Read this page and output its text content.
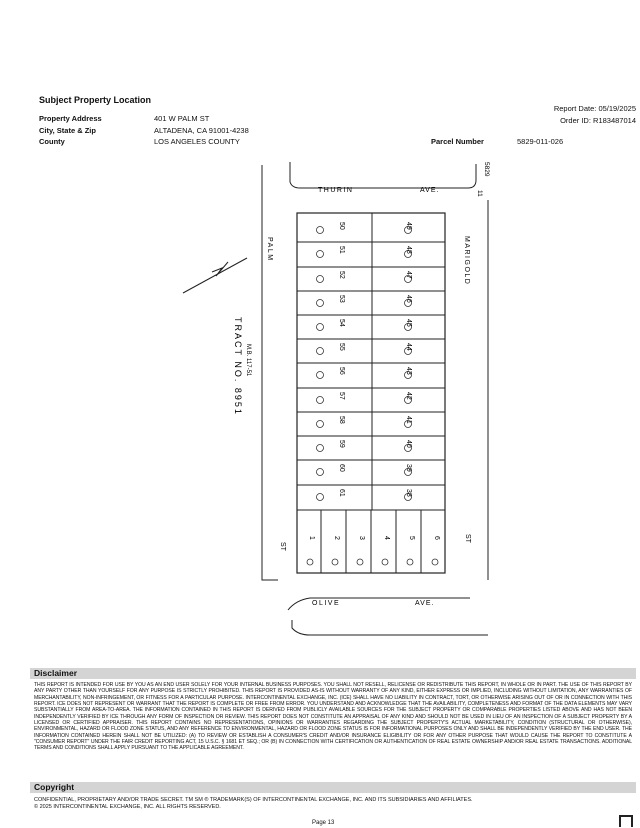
Subject Property Location
Report Date: 05/19/2025
Order ID: R183487014
Property Address	401 W PALM ST
City, State & Zip	ALTADENA, CA 91001-4238
County	LOS ANGELES COUNTY	Parcel Number	5829-011-026
THURIN	AVE.
OLIVE	AVE.
PALM
ST
MARIGOLD
ST
TRACT NO. 8951 M.B. 117-51
5829
11
50
51
52
53
54
55
56
57
58
59
60
61
49
48
47
46
45
44
43
42
41
40
39
38
1	2	3	4	5	6
Disclaimer
THIS REPORT IS INTENDED FOR USE BY YOU AS AN END USER SOLELY FOR YOUR INTERNAL BUSINESS PURPOSES. YOU SHALL NOT RESELL, RELICENSE OR REDISTRIBUTE THIS REPORT, IN WHOLE OR IN PART. THE USE OF THIS REPORT BY ANY PARTY OTHER THAN YOURSELF FOR ANY PURPOSE IS STRICTLY PROHIBITED. THIS REPORT IS PROVIDED AS-IS WITHOUT WARRANTY OF ANY KIND, EITHER EXPRESS OR IMPLIED, INCLUDING WITHOUT LIMITATION, ANY WARRANTIES OF MERCHANTABILITY, NON-INFRINGEMENT, OR FITNESS FOR A PARTICULAR PURPOSE. INTERCONTINENTAL EXCHANGE, INC. (ICE) SHALL HAVE NO LIABILITY IN CONTRACT, TORT, OR OTHERWISE ARISING OUT OF OR IN CONNECTION WITH THIS REPORT. ICE DOES NOT REPRESENT OR WARRANT THAT THE REPORT IS COMPLETE OR FREE FROM ERROR. YOU UNDERSTAND AND ACKNOWLEDGE THAT THE AVAILABILITY, COMPLETENESS AND FORMAT OF THE DATA ELEMENTS MAY VARY SUBSTANTIALLY FROM AREA-TO-AREA. THE INFORMATION CONTAINED IN THIS REPORT IS DERIVED FROM PUBLICLY AVAILABLE SOURCES FOR THE SUBJECT PROPERTY OR COMPARABLE PROPERTIES LISTED ABOVE AND HAS NOT BEEN INDEPENDENTLY VERIFIED BY ICE THROUGH ANY FORM OF INSPECTION OR REVIEW. THIS REPORT DOES NOT CONSTITUTE AN APPRAISAL OF ANY KIND AND SHOULD NOT BE USED IN LIEU OF AN INSPECTION OF A SUBJECT PROPERTY BY A LICENSED OR CERTIFIED APPRAISER. THIS REPORT CONTAINS NO REPRESENTATIONS, OPINIONS OR WARRANTIES REGARDING THE SUBJECT PROPERTY'S ACTUAL MARKETABILITY, CONDITION (STRUCTURAL OR OTHERWISE), ENVIRONMENTAL, HAZARD OR FLOOD ZONE STATUS, AND ANY REFERENCE TO ENVIRONMENTAL, HAZARD OR FLOOD ZONE STATUS IS FOR INFORMATIONAL PURPOSES ONLY AND SHALL BE INDEPENDENTLY VERIFIED BY THE END USER. THE INFORMATION CONTAINED HEREIN SHALL NOT BE UTILIZED: (A) TO REVIEW OR ESTABLISH A CONSUMER'S CREDIT AND/OR INSURANCE ELIGIBILITY OR FOR ANY OTHER PURPOSE THAT WOULD CAUSE THE REPORT TO CONSTITUTE A "CONSUMER REPORT" UNDER THE FAIR CREDIT REPORTING ACT, 15 U.S.C. § 1681 ET SEQ.; OR (B) IN CONNECTION WITH CERTIFICATION OR AUTHENTICATION OF REAL ESTATE OWNERSHIP AND/OR REAL ESTATE TRANSACTIONS. ADDITIONAL TERMS AND CONDITIONS SHALL APPLY PURSUANT TO THE APPLICABLE AGREEMENT.
Copyright
CONFIDENTIAL, PROPRIETARY AND/OR TRADE SECRET. TM SM ® TRADEMARK(S) OF INTERCONTINENTAL EXCHANGE, INC. AND ITS SUBSIDIARIES AND AFFILIATES.
© 2025 INTERCONTINENTAL EXCHANGE, INC. ALL RIGHTS RESERVED.
Page 13
